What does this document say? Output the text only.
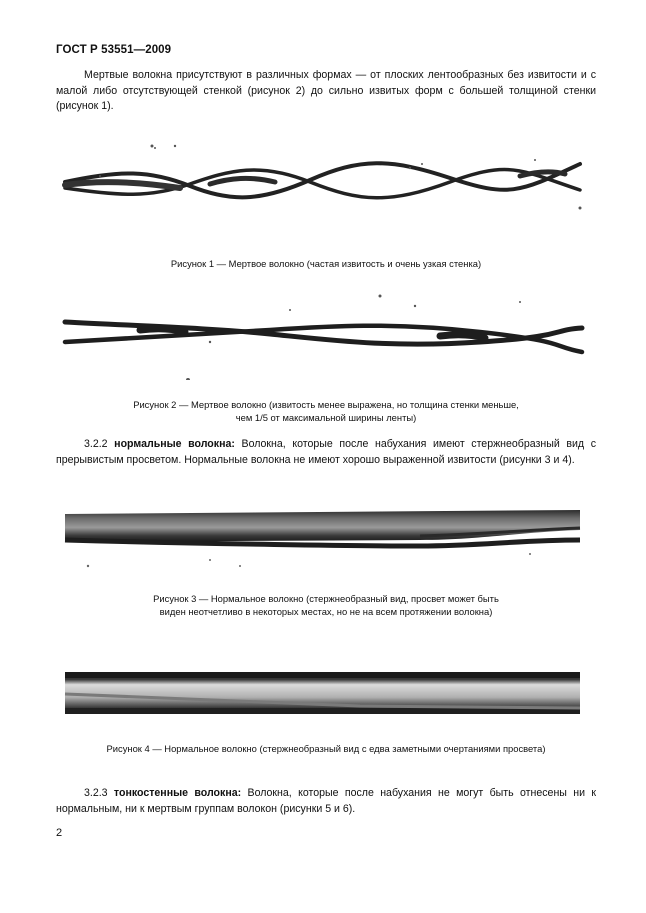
ГОСТ Р 53551—2009
Мертвые волокна присутствуют в различных формах — от плоских лентообразных без извитости и с малой либо отсутствующей стенкой (рисунок 2) до сильно извитых форм с большей толщиной стенки (рисунок 1).
Рисунок 1 — Мертвое волокно (частая извитость и очень узкая стенка)
Рисунок 2 — Мертвое волокно (извитость менее выражена, но толщина стенки меньше,
чем 1/5 от максимальной ширины ленты)
3.2.2 нормальные волокна: Волокна, которые после набухания имеют стержнеобразный вид с прерывистым просветом. Нормальные волокна не имеют хорошо выраженной извитости (рисунки 3 и 4).
Рисунок 3 — Нормальное волокно (стержнеобразный вид, просвет может быть
виден неотчетливо в некоторых местах, но не на всем протяжении волокна)
Рисунок 4 — Нормальное волокно (стержнеобразный вид с едва заметными очертаниями просвета)
3.2.3 тонкостенные волокна: Волокна, которые после набухания не могут быть отнесены ни к нормальным, ни к мертвым группам волокон (рисунки 5 и 6).
2
